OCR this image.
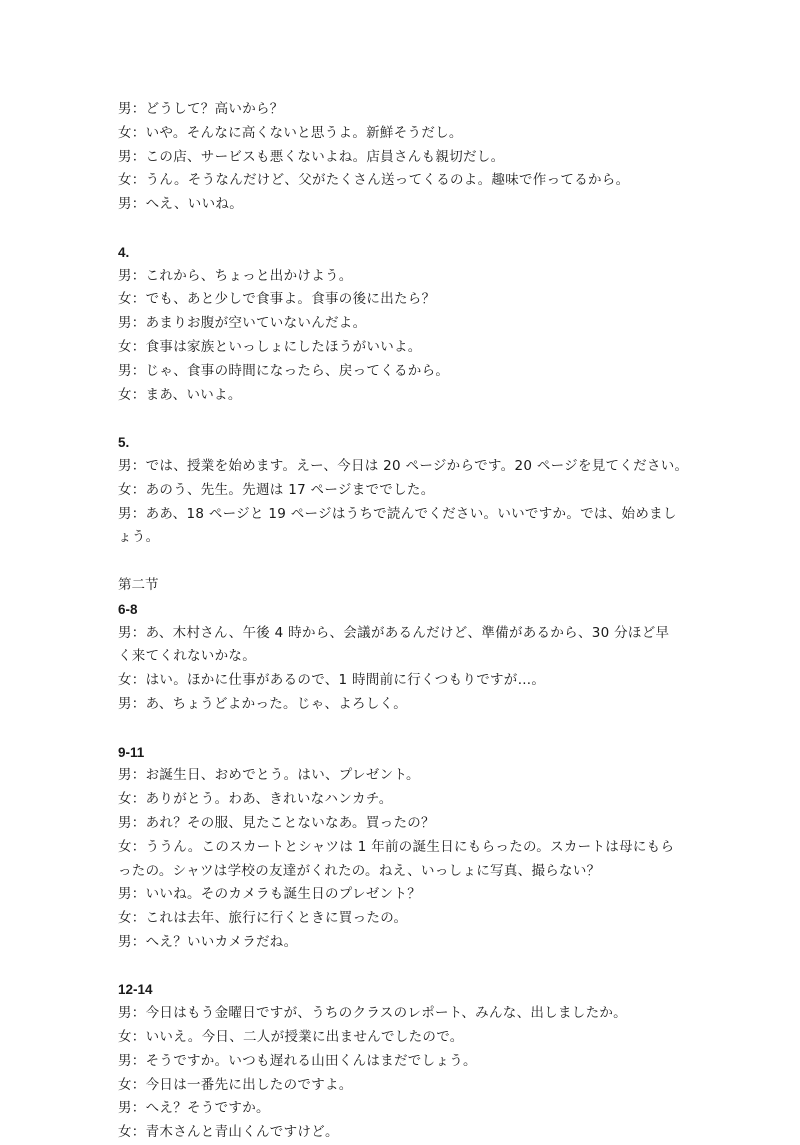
男：どうして？高いから？
女：いや。そんなに高くないと思うよ。新鮮そうだし。
男：この店、サービスも悪くないよね。店員さんも親切だし。
女：うん。そうなんだけど、父がたくさん送ってくるのよ。趣味で作ってるから。
男：へえ、いいね。
4.
男：これから、ちょっと出かけよう。
女：でも、あと少しで食事よ。食事の後に出たら？
男：あまりお腹が空いていないんだよ。
女：食事は家族といっしょにしたほうがいいよ。
男：じゃ、食事の時間になったら、戻ってくるから。
女：まあ、いいよ。
5.
男：では、授業を始めます。えー、今日は 20 ページからです。20 ページを見てください。
女：あのう、先生。先週は 17 ページまででした。
男：ああ、18 ページと 19 ページはうちで読んでください。いいですか。では、始めまし
ょう。
第二节
6-8
男：あ、木村さん、午後 4 時から、会議があるんだけど、準備があるから、30 分ほど早
く来てくれないかな。
女：はい。ほかに仕事があるので、1 時間前に行くつもりですが…。
男：あ、ちょうどよかった。じゃ、よろしく。
9-11
男：お誕生日、おめでとう。はい、プレゼント。
女：ありがとう。わあ、きれいなハンカチ。
男：あれ？その服、見たことないなあ。買ったの？
女：ううん。このスカートとシャツは 1 年前の誕生日にもらったの。スカートは母にもら
ったの。シャツは学校の友達がくれたの。ねえ、いっしょに写真、撮らない？
男：いいね。そのカメラも誕生日のプレゼント？
女：これは去年、旅行に行くときに買ったの。
男：へえ？いいカメラだね。
12-14
男：今日はもう金曜日ですが、うちのクラスのレポート、みんな、出しましたか。
女：いいえ。今日、二人が授業に出ませんでしたので。
男：そうですか。いつも遅れる山田くんはまだでしょう。
女：今日は一番先に出したのですよ。
男：へえ？そうですか。
女：青木さんと青山くんですけど。
